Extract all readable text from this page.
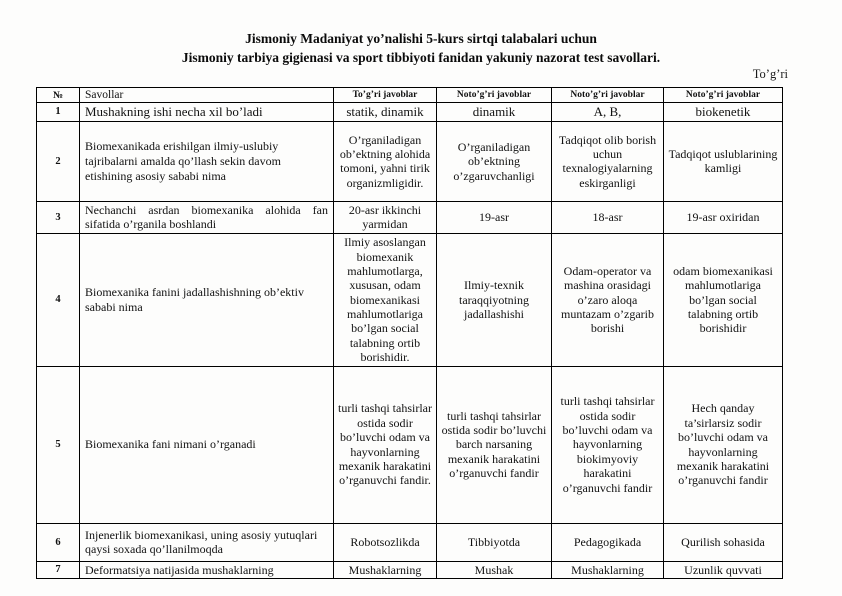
Jismoniy Madaniyat yo’nalishi 5-kurs sirtqi talabalari uchun
Jismoniy tarbiya gigienasi va sport tibbiyoti fanidan yakuniy nazorat test savollari.
To’g’ri
№	Savollar	To’g’ri javoblar	Noto’g’ri javoblar	Noto’g’ri javoblar	Noto’g’ri javoblar
1	Mushakning ishi necha xil bo’ladi	statik, dinamik	dinamik	A, B,	biokenetik
2	Biomexanikada erishilgan ilmiy-uslubiy tajribalarni amalda qo’llash sekin davom etishining asosiy sababi nima	O’rganiladigan ob’ektning alohida tomoni, yahni tirik organizmligidir.	O’rganiladigan ob’ektning o’zgaruvchanligi	Tadqiqot olib borish uchun texnalogiyalarning eskirganligi	Tadqiqot uslublarining kamligi
3	Nechanchi asrdan biomexanika alohida fan sifatida o’rganila boshlandi	20-asr ikkinchi yarmidan	19-asr	18-asr	19-asr oxiridan
4	Biomexanika fanini jadallashishning ob’ektiv sababi nima	Ilmiy asoslangan biomexanik mahlumotlarga, xususan, odam biomexanikasi mahlumotlariga bo’lgan social talabning ortib borishidir.	Ilmiy-texnik taraqqiyotning jadallashishi	Odam-operator va mashina orasidagi o’zaro aloqa muntazam o’zgarib borishi	odam biomexanikasi mahlumotlariga bo’lgan social talabning ortib borishidir
5	Biomexanika fani nimani o’rganadi	turli tashqi tahsirlar ostida sodir bo’luvchi odam va hayvonlarning mexanik harakatini o’rganuvchi fandir.	turli tashqi tahsirlar ostida sodir bo’luvchi barch narsaning mexanik harakatini o’rganuvchi fandir	turli tashqi tahsirlar ostida sodir bo’luvchi odam va hayvonlarning biokimyoviy harakatini o’rganuvchi fandir	Hech qanday ta’sirlarsiz sodir bo’luvchi odam va hayvonlarning mexanik harakatini o’rganuvchi fandir
6	Injenerlik biomexanikasi, uning asosiy yutuqlari qaysi soxada qo’llanilmoqda	Robotsozlikda	Tibbiyotda	Pedagogikada	Qurilish sohasida
7	Deformatsiya natijasida mushaklarning	Mushaklarning	Mushak	Mushaklarning	Uzunlik quvvati
